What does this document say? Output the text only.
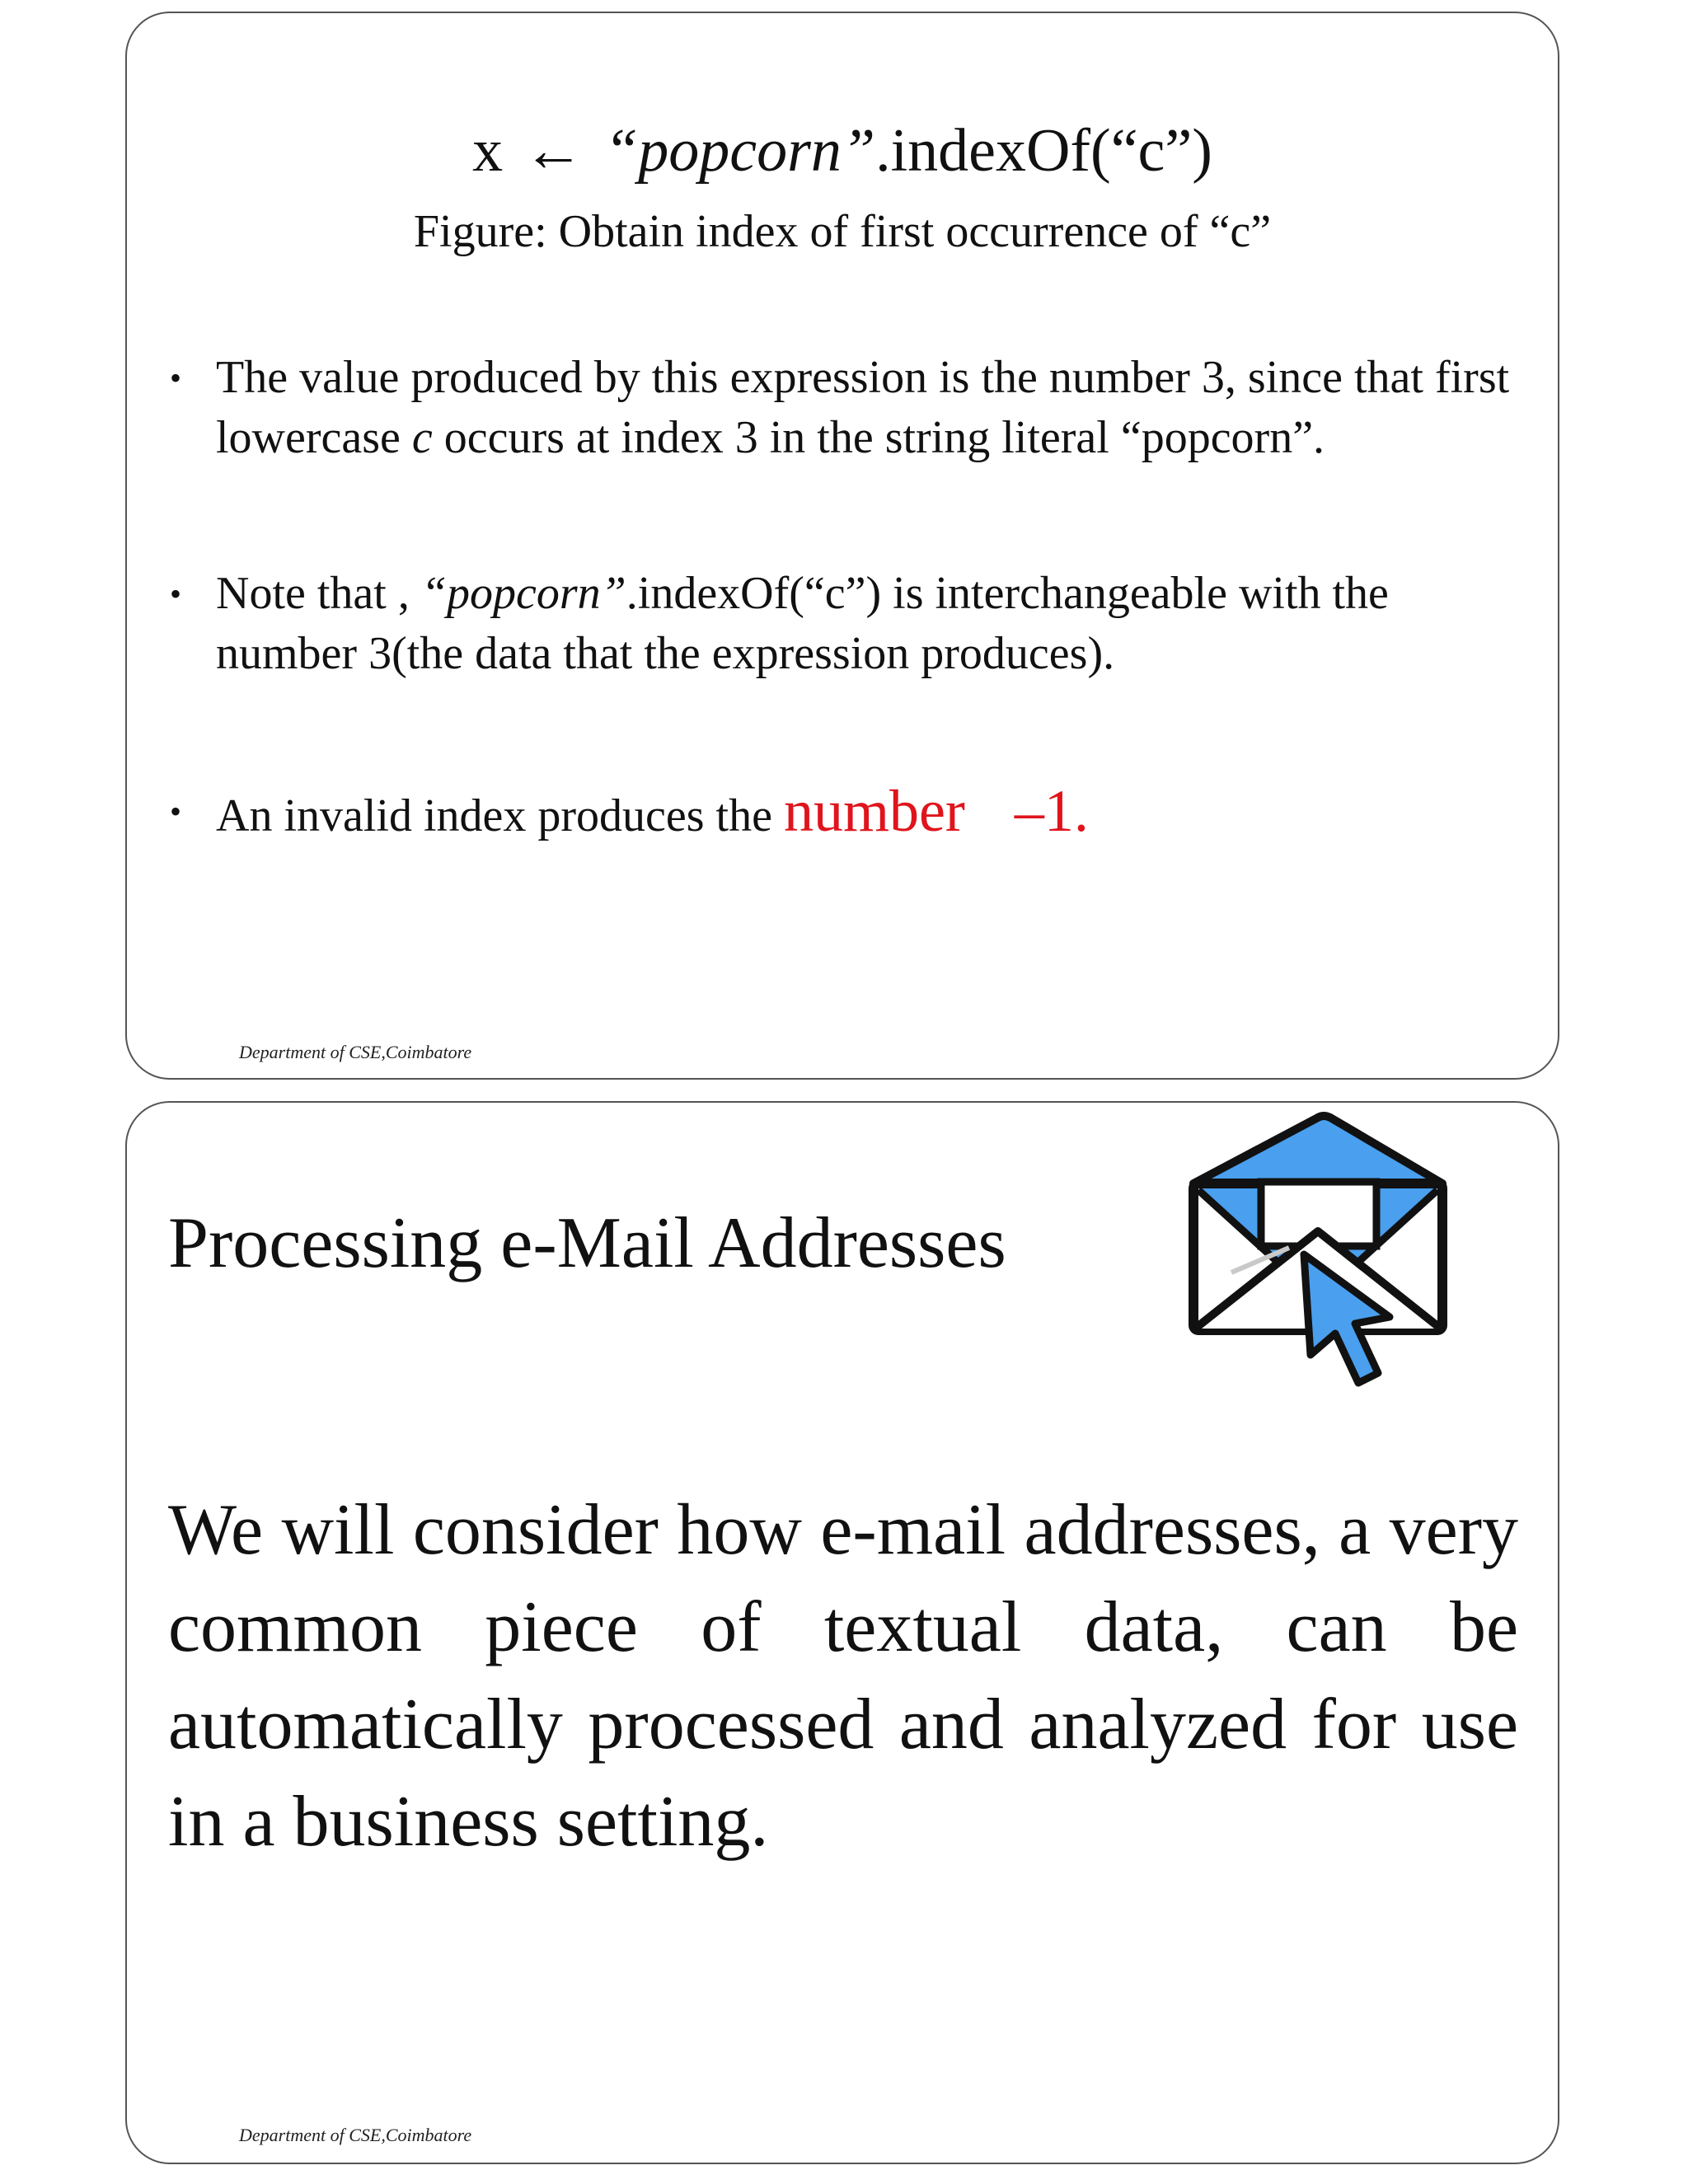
x ← “popcorn”.indexOf(“c”)
Figure: Obtain index of first occurrence of “c”
• The value produced by this expression is the number 3, since that first lowercase c occurs at index 3 in the string literal “popcorn”.
• Note that , “popcorn”.indexOf(“c”) is interchangeable with the number 3(the data that the expression produces).
• An invalid index produces the number –1.
Department of CSE,Coimbatore
Processing e-Mail Addresses

We will consider how e-mail addresses, a very common piece of textual data, can be automatically processed and analyzed for use in a business setting.

Department of CSE,Coimbatore
